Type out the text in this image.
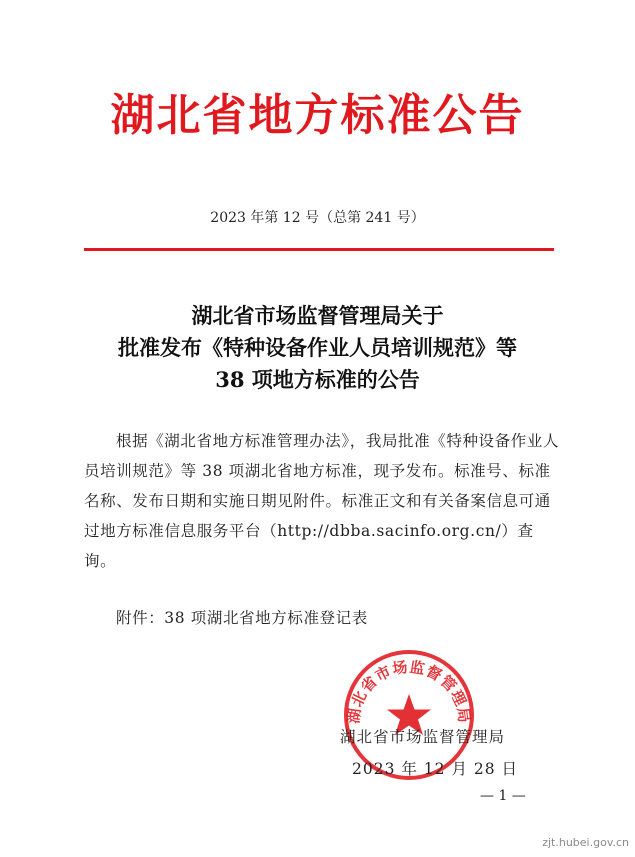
湖北省地方标准公告
2023 年第 12 号（总第 241 号）
湖北省市场监督管理局关于
批准发布《特种设备作业人员培训规范》等
38 项地方标准的公告
根据《湖北省地方标准管理办法》，我局批准《特种设备作业人员培训规范》等 38 项湖北省地方标准，现予发布。标准号、标准名称、发布日期和实施日期见附件。标准正文和有关备案信息可通过地方标准信息服务平台（http://dbba.sacinfo.org.cn/）查询。
附件：38 项湖北省地方标准登记表
湖北省市场监督管理局
湖北省市场监督管理局
2023 年 12 月 28 日
— 1 —
zjt.hubei.gov.cn
